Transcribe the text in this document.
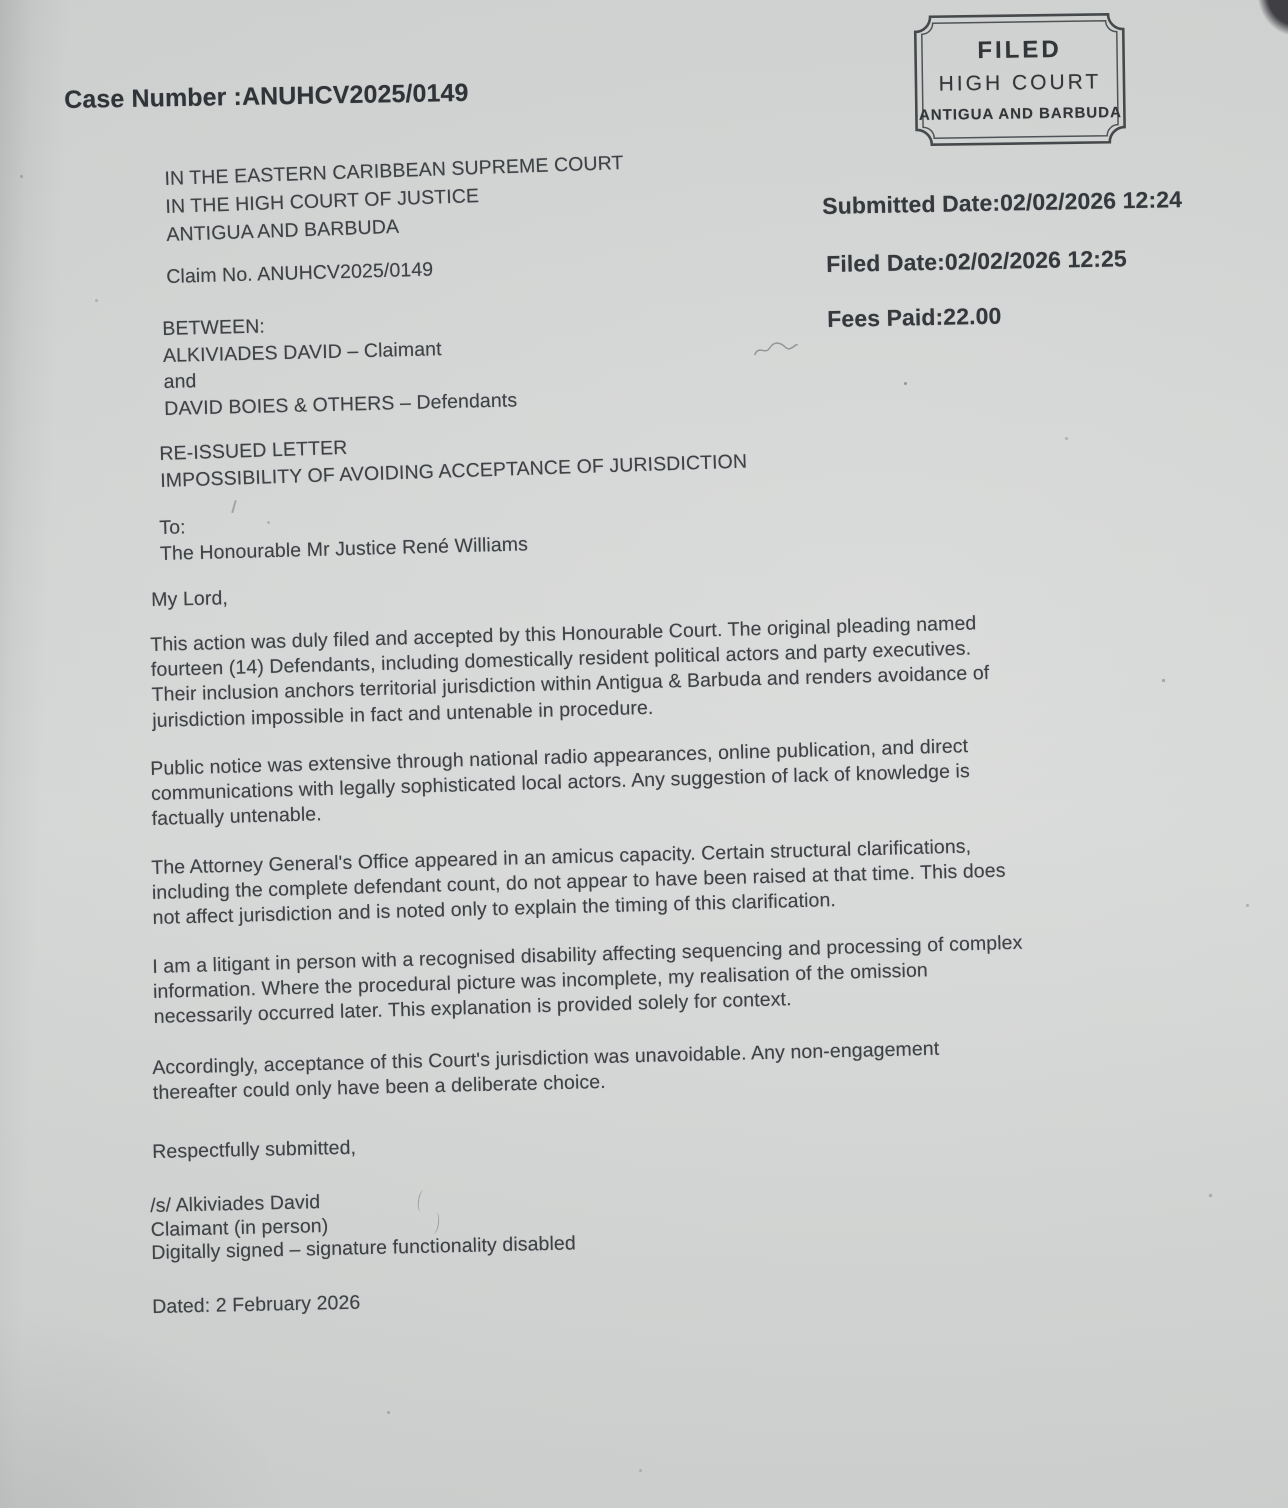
Case Number :ANUHCV2025/0149
FILED
HIGH COURT
ANTIGUA AND BARBUDA
IN THE EASTERN CARIBBEAN SUPREME COURT
IN THE HIGH COURT OF JUSTICE
ANTIGUA AND BARBUDA
Submitted Date:02/02/2026 12:24
Filed Date:02/02/2026 12:25
Fees Paid:22.00
Claim No. ANUHCV2025/0149
BETWEEN:
ALKIVIADES DAVID – Claimant
and
DAVID BOIES & OTHERS – Defendants
RE-ISSUED LETTER
IMPOSSIBILITY OF AVOIDING ACCEPTANCE OF JURISDICTION
To:
The Honourable Mr Justice René Williams
My Lord,
This action was duly filed and accepted by this Honourable Court. The original pleading named
fourteen (14) Defendants, including domestically resident political actors and party executives.
Their inclusion anchors territorial jurisdiction within Antigua & Barbuda and renders avoidance of
jurisdiction impossible in fact and untenable in procedure.
Public notice was extensive through national radio appearances, online publication, and direct
communications with legally sophisticated local actors. Any suggestion of lack of knowledge is
factually untenable.
The Attorney General's Office appeared in an amicus capacity. Certain structural clarifications,
including the complete defendant count, do not appear to have been raised at that time. This does
not affect jurisdiction and is noted only to explain the timing of this clarification.
I am a litigant in person with a recognised disability affecting sequencing and processing of complex
information. Where the procedural picture was incomplete, my realisation of the omission
necessarily occurred later. This explanation is provided solely for context.
Accordingly, acceptance of this Court's jurisdiction was unavoidable. Any non-engagement
thereafter could only have been a deliberate choice.
Respectfully submitted,
/s/ Alkiviades David
Claimant (in person)
Digitally signed – signature functionality disabled
Dated: 2 February 2026
